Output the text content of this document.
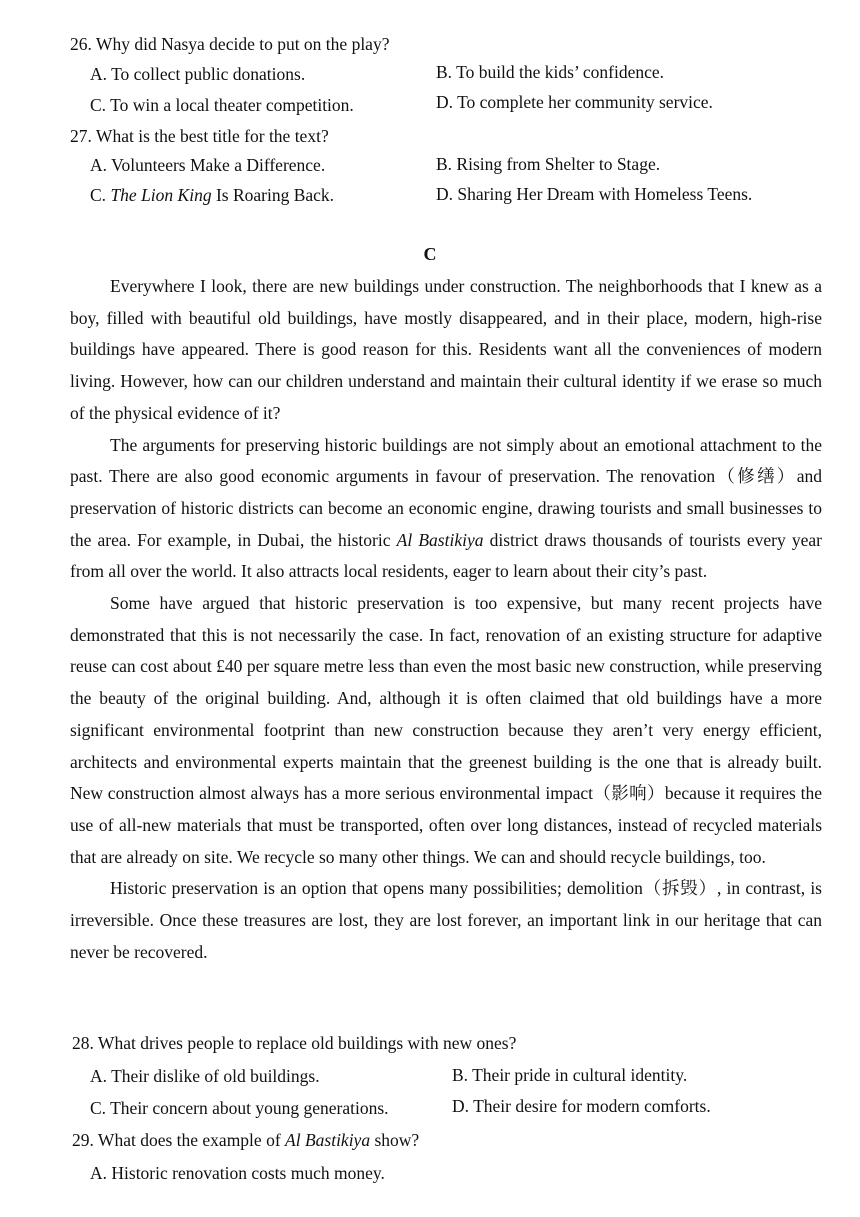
26. Why did Nasya decide to put on the play?
A. To collect public donations.	B. To build the kids’ confidence.
C. To win a local theater competition.	D. To complete her community service.
27. What is the best title for the text?
A. Volunteers Make a Difference.	B. Rising from Shelter to Stage.
C. The Lion King Is Roaring Back.	D. Sharing Her Dream with Homeless Teens.
C

Everywhere I look, there are new buildings under construction. The neighborhoods that I knew as a boy, filled with beautiful old buildings, have mostly disappeared, and in their place, modern, high-rise buildings have appeared. There is good reason for this. Residents want all the conveniences of modern living. However, how can our children understand and maintain their cultural identity if we erase so much of the physical evidence of it?

The arguments for preserving historic buildings are not simply about an emotional attachment to the past. There are also good economic arguments in favour of preservation. The renovation（修缮）and preservation of historic districts can become an economic engine, drawing tourists and small businesses to the area. For example, in Dubai, the historic Al Bastikiya district draws thousands of tourists every year from all over the world. It also attracts local residents, eager to learn about their city’s past.

Some have argued that historic preservation is too expensive, but many recent projects have demonstrated that this is not necessarily the case. In fact, renovation of an existing structure for adaptive reuse can cost about £40 per square metre less than even the most basic new construction, while preserving the beauty of the original building. And, although it is often claimed that old buildings have a more significant environmental footprint than new construction because they aren’t very energy efficient, architects and environmental experts maintain that the greenest building is the one that is already built. New construction almost always has a more serious environmental impact（影响）because it requires the use of all-new materials that must be transported, often over long distances, instead of recycled materials that are already on site. We recycle so many other things. We can and should recycle buildings, too.

Historic preservation is an option that opens many possibilities; demolition（拆毁）, in contrast, is irreversible. Once these treasures are lost, they are lost forever, an important link in our heritage that can never be recovered.

28. What drives people to replace old buildings with new ones?
A. Their dislike of old buildings.	B. Their pride in cultural identity.
C. Their concern about young generations.	D. Their desire for modern comforts.
29. What does the example of Al Bastikiya show?
A. Historic renovation costs much money.
